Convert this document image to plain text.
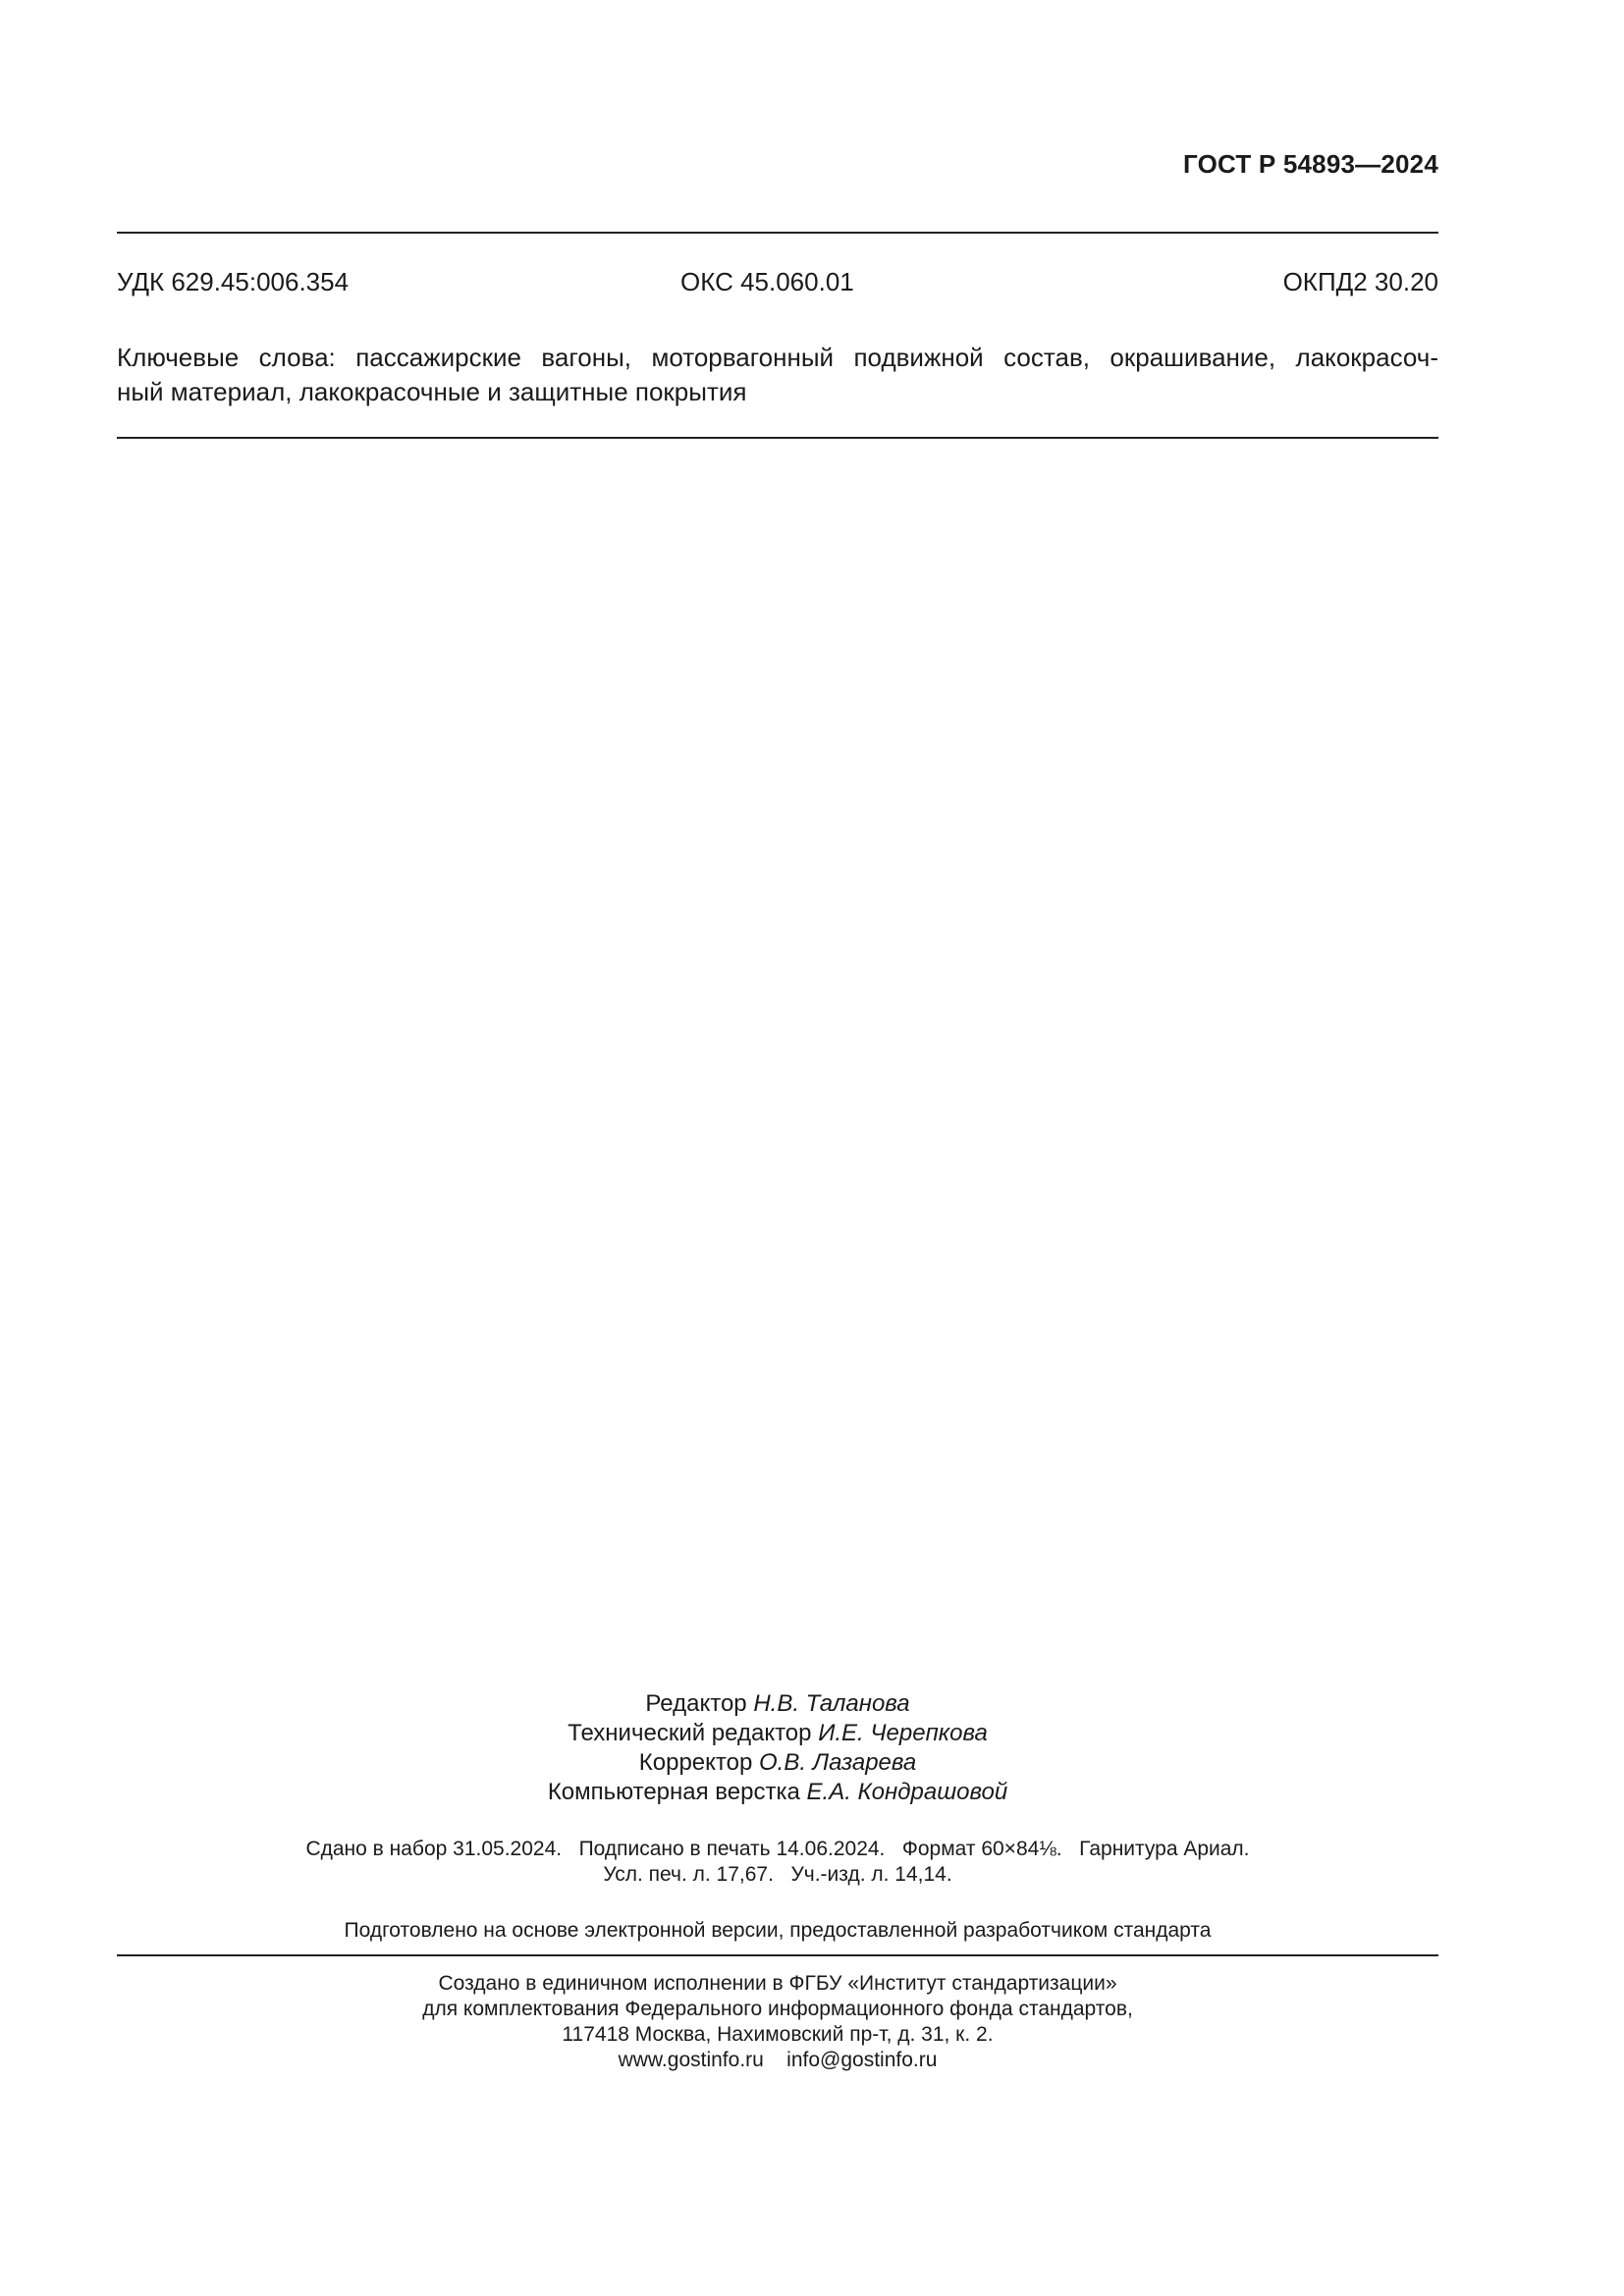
ГОСТ Р 54893—2024
УДК 629.45:006.354	ОКС 45.060.01	ОКПД2 30.20
Ключевые слова: пассажирские вагоны, моторвагонный подвижной состав, окрашивание, лакокрасоч-
ный материал, лакокрасочные и защитные покрытия
Редактор Н.В. Таланова
Технический редактор И.Е. Черепкова
Корректор О.В. Лазарева
Компьютерная верстка Е.А. Кондрашовой
Сдано в набор 31.05.2024.   Подписано в печать 14.06.2024.   Формат 60×84⅛.   Гарнитура Ариал.
Усл. печ. л. 17,67.   Уч.-изд. л. 14,14.
Подготовлено на основе электронной версии, предоставленной разработчиком стандарта
Создано в единичном исполнении в ФГБУ «Институт стандартизации»
для комплектования Федерального информационного фонда стандартов,
117418 Москва, Нахимовский пр-т, д. 31, к. 2.
www.gostinfo.ru    info@gostinfo.ru
